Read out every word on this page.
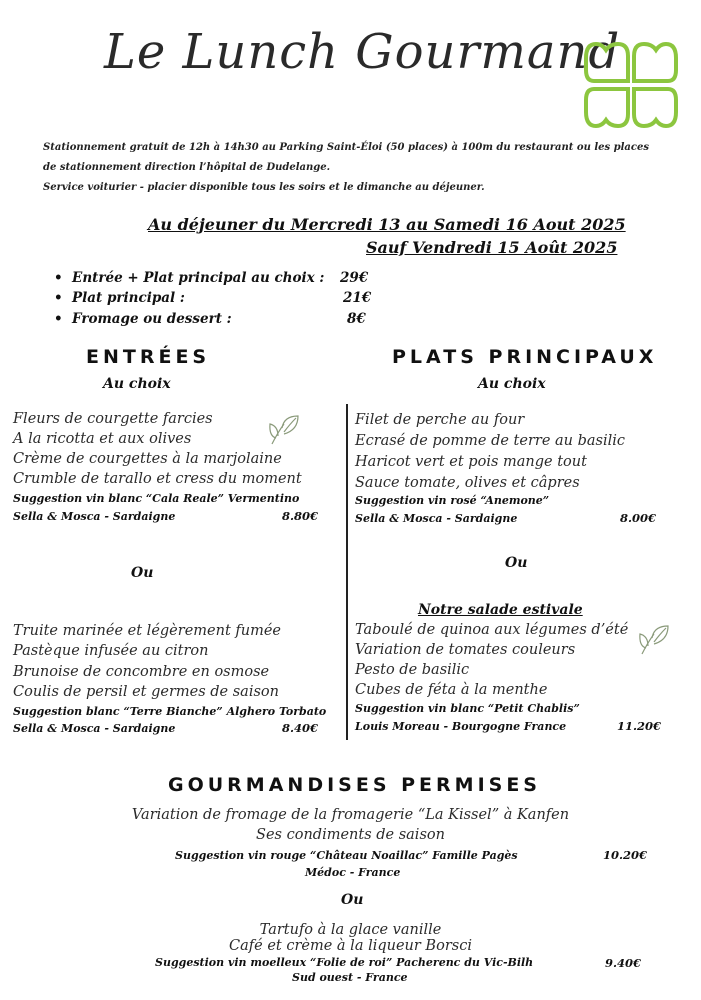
Le Lunch Gourmand
Stationnement gratuit de 12h à 14h30 au Parking Saint-Éloi (50 places) à 100m du restaurant ou les places
de stationnement direction l’hôpital de Dudelange.
Service voiturier - placier disponible tous les soirs et le dimanche au déjeuner.
Au déjeuner du Mercredi 13 au Samedi 16 Aout 2025
Sauf Vendredi 15 Août 2025
•  Entrée + Plat principal au choix : 29€
•  Plat principal :	21€
•  Fromage ou dessert :	8€
ENTRÉES
Au choix
PLATS PRINCIPAUX
Au choix
Fleurs de courgette farcies
A la ricotta et aux olives
Crème de courgettes à la marjolaine
Crumble de tarallo et cress du moment
Suggestion vin blanc “Cala Reale” Vermentino
Sella & Mosca - Sardaigne	8.80€
Ou
Truite marinée et légèrement fumée
Pastèque infusée au citron
Brunoise de concombre en osmose
Coulis de persil et germes de saison
Suggestion blanc “Terre Bianche” Alghero Torbato
Sella & Mosca - Sardaigne	8.40€
Filet de perche au four
Ecrasé de pomme de terre au basilic
Haricot vert et pois mange tout
Sauce tomate, olives et câpres
Suggestion vin rosé “Anemone”
Sella & Mosca - Sardaigne	8.00€
Ou
Notre salade estivale
Taboulé de quinoa aux légumes d’été
Variation de tomates couleurs
Pesto de basilic
Cubes de féta à la menthe
Suggestion vin blanc “Petit Chablis”
Louis Moreau - Bourgogne France	11.20€
GOURMANDISES PERMISES
Variation de fromage de la fromagerie “La Kissel” à Kanfen
Ses condiments de saison
Suggestion vin rouge “Château Noaillac” Famille Pagès
Médoc - France
10.20€
Ou
Tartufo à la glace vanille
Café et crème à la liqueur Borsci
Suggestion vin moelleux “Folie de roi” Pacherenc du Vic-Bilh
Sud ouest - France
9.40€
